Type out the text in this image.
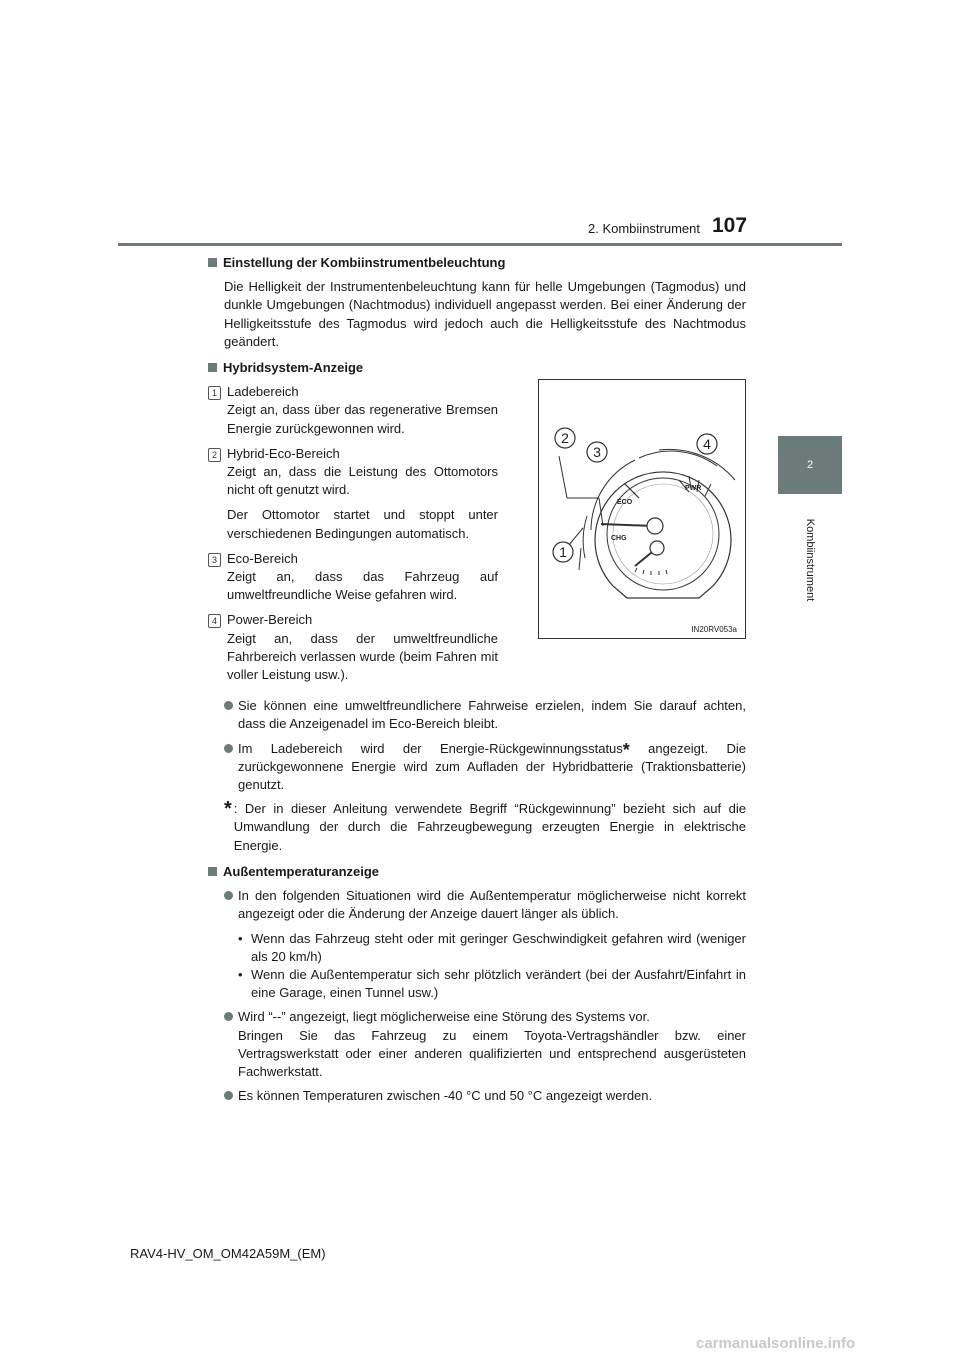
2. Kombiinstrument 107
2
Kombiinstrument
Einstellung der Kombiinstrumentbeleuchtung

Die Helligkeit der Instrumentenbeleuchtung kann für helle Umgebungen (Tagmodus) und dunkle Umgebungen (Nachtmodus) individuell angepasst werden. Bei einer Änderung der Helligkeitsstufe des Tagmodus wird jedoch auch die Helligkeitsstufe des Nachtmodus geändert.

Hybridsystem-Anzeige
1 Ladebereich

Zeigt an, dass über das regenerative Bremsen Energie zurückgewonnen wird.

2 Hybrid-Eco-Bereich

Zeigt an, dass die Leistung des Ottomotors nicht oft genutzt wird.

Der Ottomotor startet und stoppt unter verschiedenen Bedingungen automatisch.

3 Eco-Bereich

Zeigt an, dass das Fahrzeug auf umweltfreundliche Weise gefahren wird.

4 Power-Bereich

Zeigt an, dass der umweltfreundliche Fahrbereich verlassen wurde (beim Fahren mit voller Leistung usw.).

ECO
PWR
CHG
2
3	4
1
IN20RV053a
Sie können eine umweltfreundlichere Fahrweise erzielen, indem Sie darauf achten, dass die Anzeigenadel im Eco-Bereich bleibt.
Im Ladebereich wird der Energie-Rückgewinnungsstatus* angezeigt. Die zurückgewonnene Energie wird zum Aufladen der Hybridbatterie (Traktionsbatterie) genutzt.
* : Der in dieser Anleitung verwendete Begriff “Rückgewinnung” bezieht sich auf die Umwandlung der durch die Fahrzeugbewegung erzeugten Energie in elektrische Energie.
Außentemperaturanzeige
In den folgenden Situationen wird die Außentemperatur möglicherweise nicht korrekt angezeigt oder die Änderung der Anzeige dauert länger als üblich.
• Wenn das Fahrzeug steht oder mit geringer Geschwindigkeit gefahren wird (weniger als 20 km/h)
• Wenn die Außentemperatur sich sehr plötzlich verändert (bei der Ausfahrt/Einfahrt in eine Garage, einen Tunnel usw.)
Wird “--” angezeigt, liegt möglicherweise eine Störung des Systems vor.
Bringen Sie das Fahrzeug zu einem Toyota-Vertragshändler bzw. einer Vertragswerkstatt oder einer anderen qualifizierten und entsprechend ausgerüsteten Fachwerkstatt.
Es können Temperaturen zwischen -40 °C und 50 °C angezeigt werden.
RAV4-HV_OM_OM42A59M_(EM)
carmanualsonline.info
